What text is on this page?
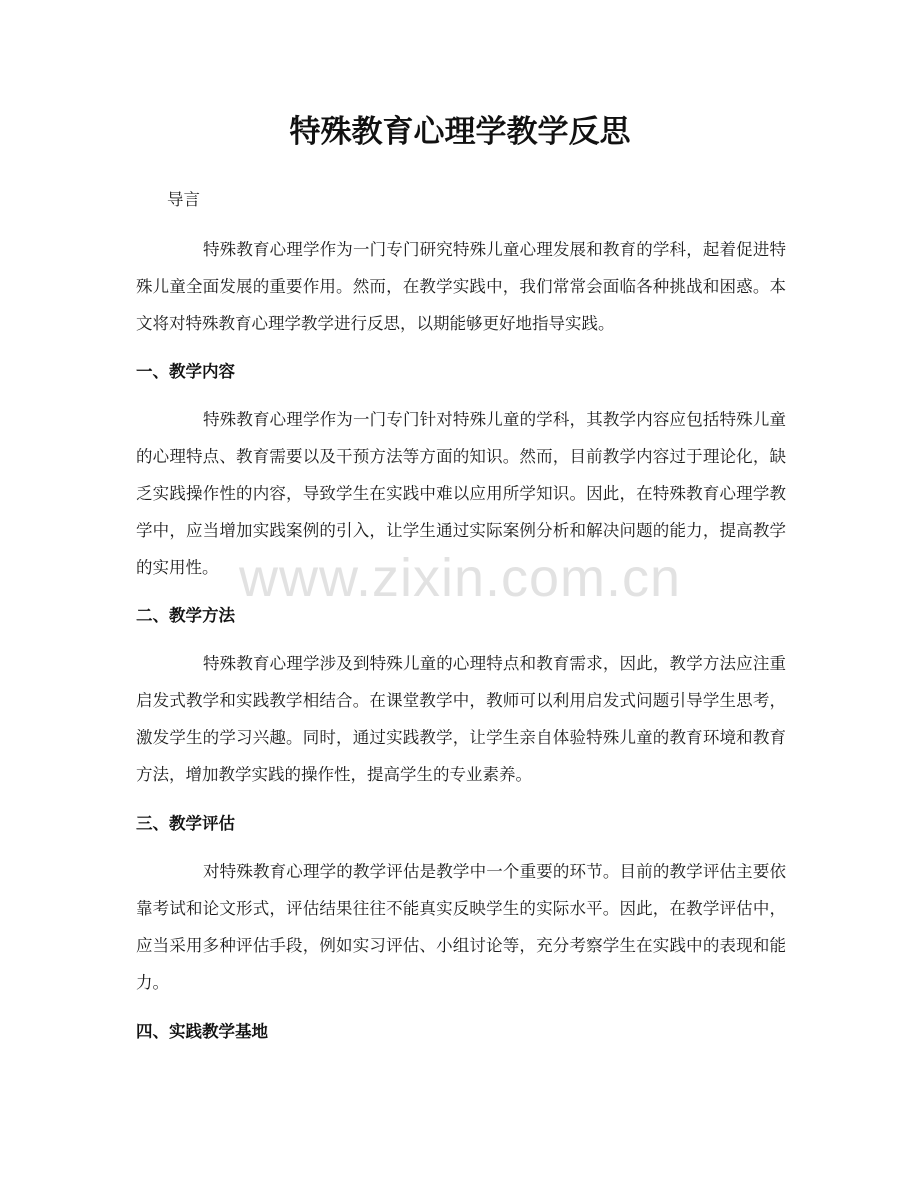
特殊教育心理学教学反思

导言

特殊教育心理学作为一门专门研究特殊儿童心理发展和教育的学科，起着促进特殊儿童全面发展的重要作用。然而，在教学实践中，我们常常会面临各种挑战和困惑。本文将对特殊教育心理学教学进行反思，以期能够更好地指导实践。

一、教学内容

特殊教育心理学作为一门专门针对特殊儿童的学科，其教学内容应包括特殊儿童的心理特点、教育需要以及干预方法等方面的知识。然而，目前教学内容过于理论化，缺乏实践操作性的内容，导致学生在实践中难以应用所学知识。因此，在特殊教育心理学教学中，应当增加实践案例的引入，让学生通过实际案例分析和解决问题的能力，提高教学的实用性。

二、教学方法

特殊教育心理学涉及到特殊儿童的心理特点和教育需求，因此，教学方法应注重启发式教学和实践教学相结合。在课堂教学中，教师可以利用启发式问题引导学生思考，激发学生的学习兴趣。同时，通过实践教学，让学生亲自体验特殊儿童的教育环境和教育方法，增加教学实践的操作性，提高学生的专业素养。

三、教学评估

对特殊教育心理学的教学评估是教学中一个重要的环节。目前的教学评估主要依靠考试和论文形式，评估结果往往不能真实反映学生的实际水平。因此，在教学评估中，应当采用多种评估手段，例如实习评估、小组讨论等，充分考察学生在实践中的表现和能力。

四、实践教学基地

www.zixin.com.cn
